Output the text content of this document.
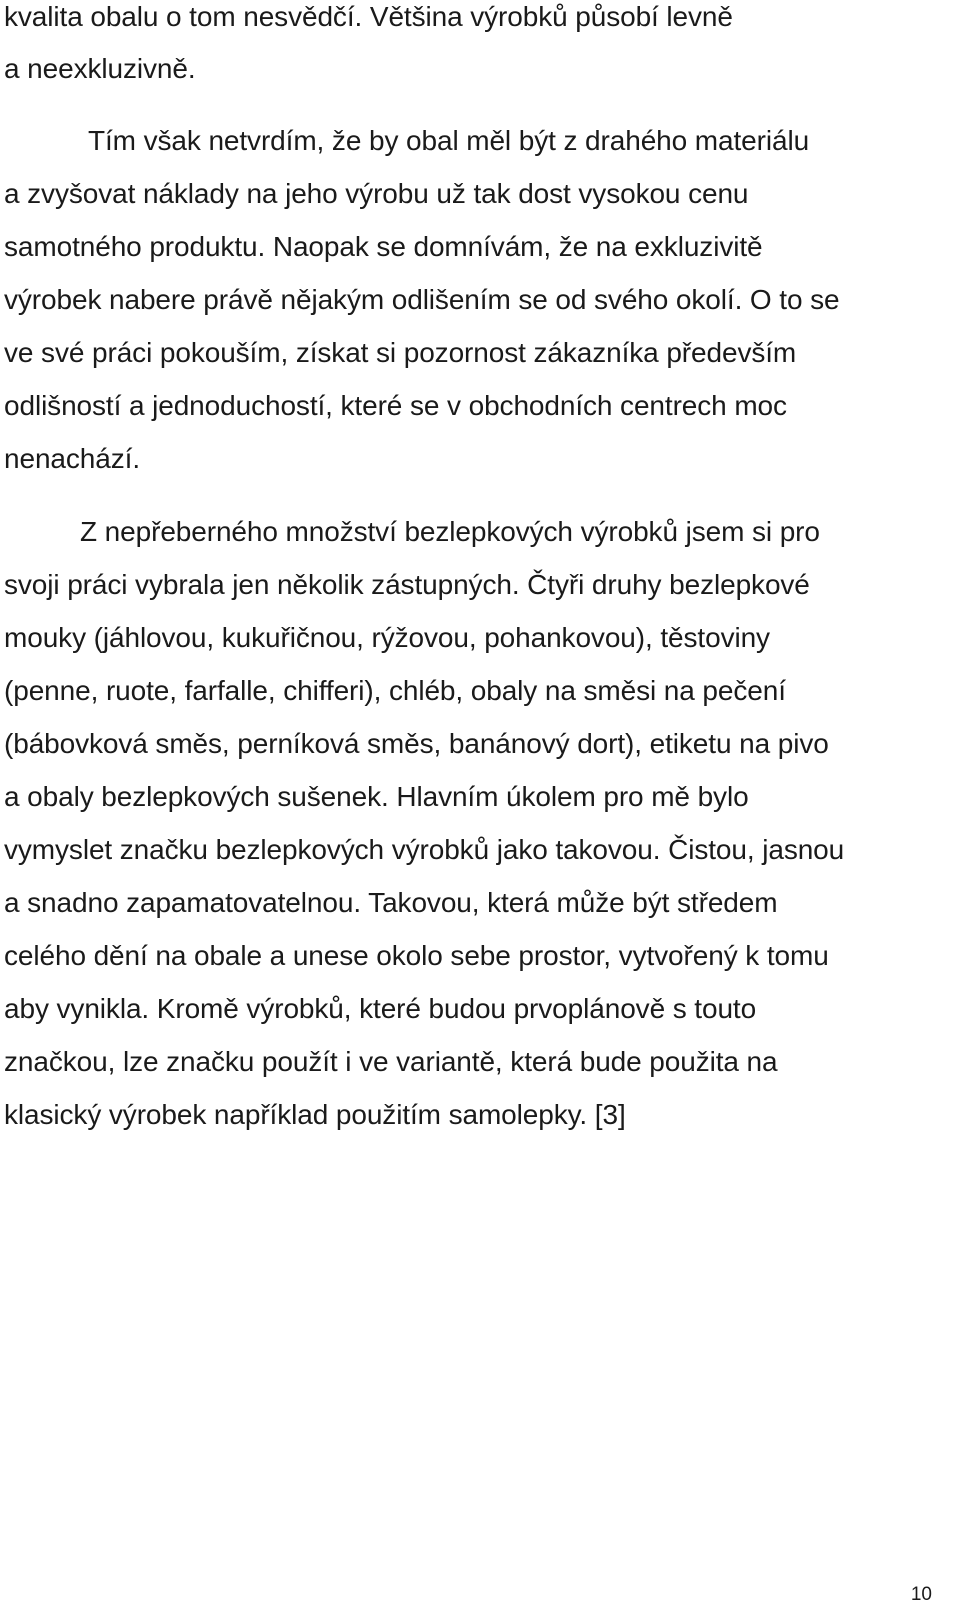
kvalita obalu o tom nesvědčí. Většina výrobků působí levně

a neexkluzivně.

Tím však netvrdím, že by obal měl být z drahého materiálu

a zvyšovat náklady na jeho výrobu už tak dost vysokou cenu

samotného produktu. Naopak se domnívám, že na exkluzivitě

výrobek nabere právě nějakým odlišením se od svého okolí. O to se

ve své práci pokouším, získat si pozornost zákazníka především

odlišností a jednoduchostí, které se v obchodních centrech moc

nenachází.

Z nepřeberného množství bezlepkových výrobků jsem si pro

svoji práci vybrala jen několik zástupných. Čtyři druhy bezlepkové

mouky (jáhlovou, kukuřičnou, rýžovou, pohankovou), těstoviny

(penne, ruote, farfalle, chifferi), chléb, obaly na směsi na pečení

(bábovková směs, perníková směs, banánový dort), etiketu na pivo

a obaly bezlepkových sušenek. Hlavním úkolem pro mě bylo

vymyslet značku bezlepkových výrobků jako takovou. Čistou, jasnou

a snadno zapamatovatelnou. Takovou, která může být středem

celého dění na obale a unese okolo sebe prostor, vytvořený k tomu

aby vynikla. Kromě výrobků, které budou prvoplánově s touto

značkou, lze značku použít i ve variantě, která bude použita na

klasický výrobek například použitím samolepky. [3]

10
